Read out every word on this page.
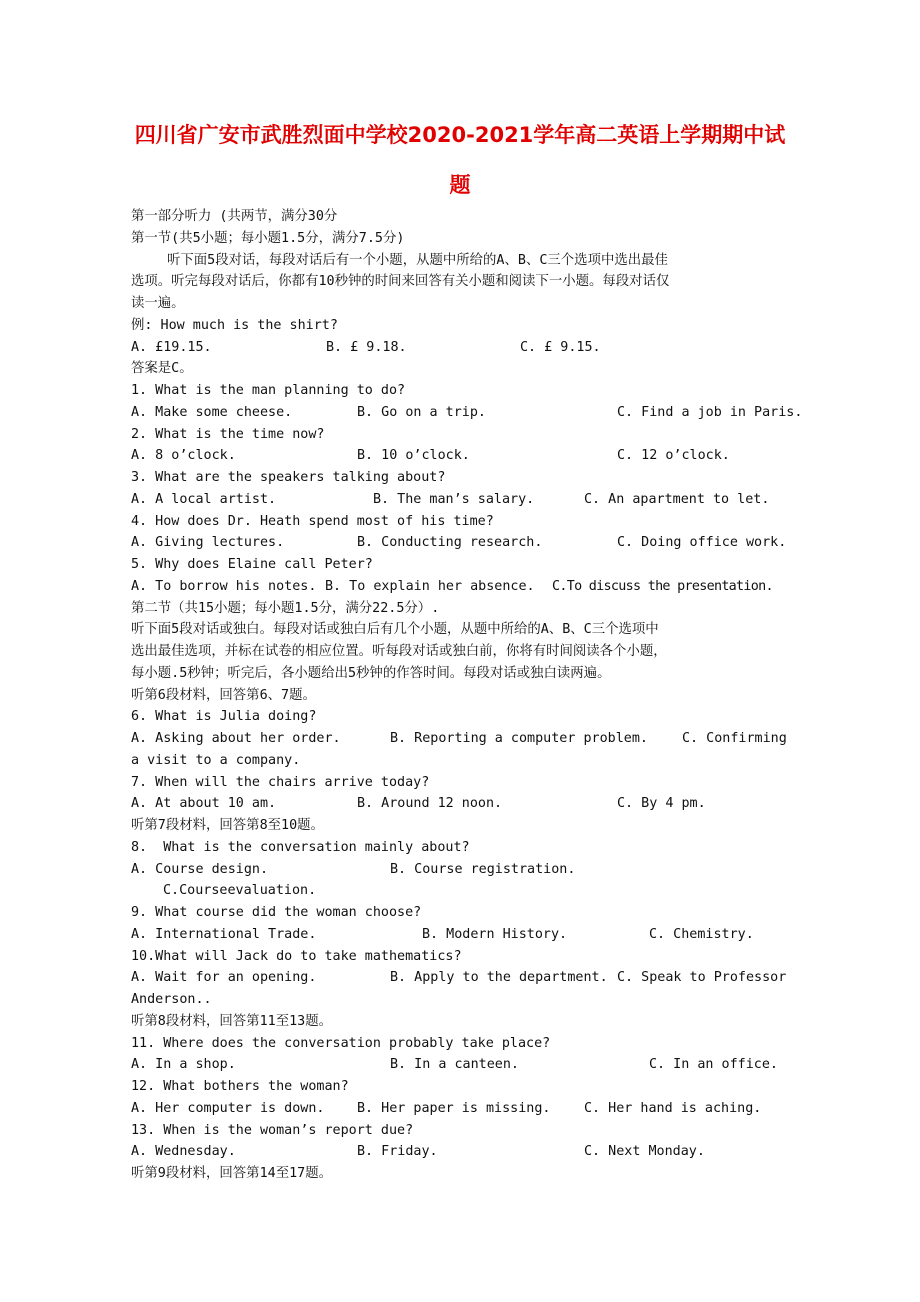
四川省广安市武胜烈面中学校2020-2021学年高二英语上学期期中试
题
第一部分听力 (共两节，满分30分
第一节(共5小题；每小题1.5分，满分7.5分)
听下面5段对话，每段对话后有一个小题，从题中所给的A、B、C三个选项中选出最佳
选项。听完每段对话后，你都有10秒钟的时间来回答有关小题和阅读下一小题。每段对话仅
读一遍。
例: How much is the shirt?

A. £19.15.

	B. £ 9.18.

	C. £ 9.15.

答案是C。
1. What is the man planning to do?

A. Make some cheese.

	B. Go on a trip.

	C. Find a job in Paris.

2. What is the time now?

A. 8 o’clock.

	B. 10 o’clock.

	C. 12 o’clock.

3. What are the speakers talking about?

A. A local artist.

	B. The man’s salary.

	C. An apartment to let.

4. How does Dr. Heath spend most of his time?

A. Giving lectures.

	B. Conducting research.

	C. Doing office work.

5. Why does Elaine call Peter?

A. To borrow his notes.

B. To explain her absence.

C.To discuss the presentation.

第二节（共15小题；每小题1.5分，满分22.5分）.
听下面5段对话或独白。每段对话或独白后有几个小题，从题中所给的A、B、C三个选项中
选出最佳选项，并标在试卷的相应位置。听每段对话或独白前，你将有时间阅读各个小题，
每小题.5秒钟；听完后，各小题给出5秒钟的作答时间。每段对话或独白读两遍。
听第6段材料，回答第6、7题。
6. What is Julia doing?

A. Asking about her order.

	B. Reporting a computer problem.

	C. Confirming

a visit to a company.
7. When will the chairs arrive today?

A. At about 10 am.

	B. Around 12 noon.

	C. By 4 pm.

听第7段材料，回答第8至10题。
8.  What is the conversation mainly about?

A. Course design.

	B. Course registration.

C.Courseevaluation.
9. What course did the woman choose?

A. International Trade.

	B. Modern History.

	C. Chemistry.

10.What will Jack do to take mathematics?

A. Wait for an opening.

	B. Apply to the department.

C. Speak to Professor

Anderson..
听第8段材料，回答第11至13题。
11. Where does the conversation probably take place?

A. In a shop.

	B. In a canteen.

	C. In an office.

12. What bothers the woman?

A. Her computer is down.

B. Her paper is missing.

	C. Her hand is aching.

13. When is the woman’s report due?

A. Wednesday.

	B. Friday.

	C. Next Monday.

听第9段材料，回答第14至17题。
